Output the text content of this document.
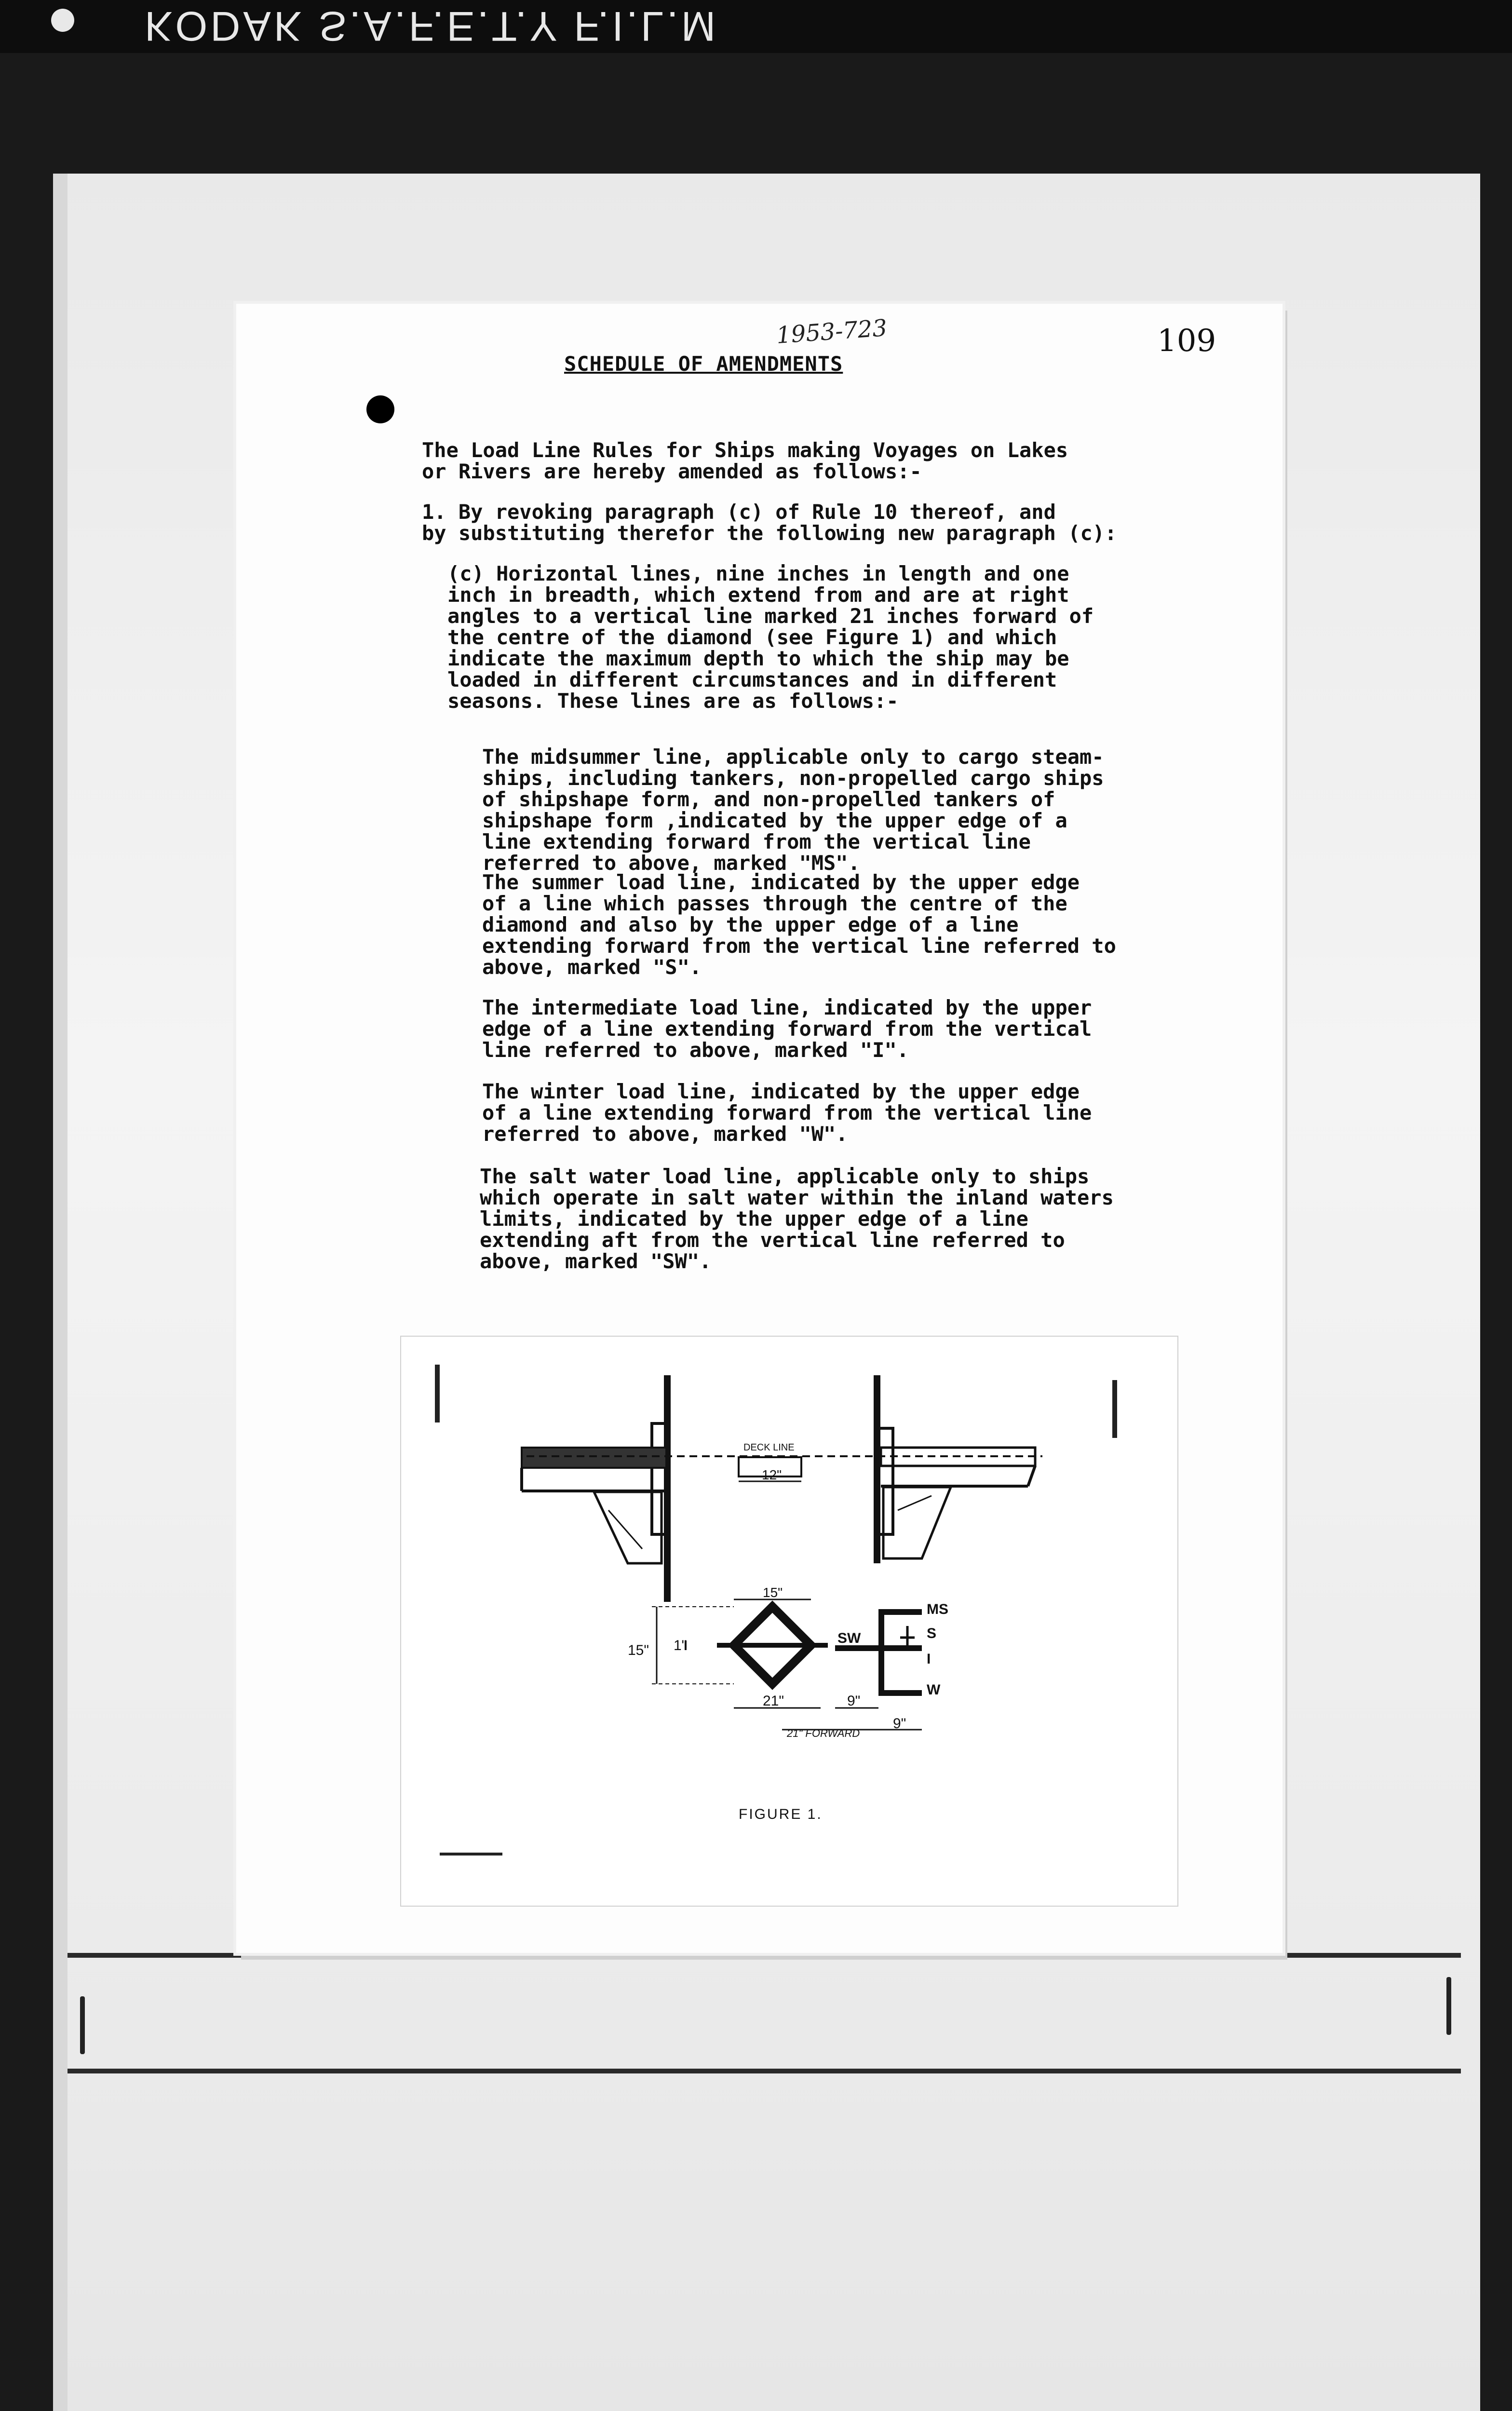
KODAK S.A.F.E.T.Y F.I.L.M
1953-723	109
SCHEDULE OF AMENDMENTS

The Load Line Rules for Ships making Voyages on Lakes
or Rivers are hereby amended as follows:-

1. By revoking paragraph (c) of Rule 10 thereof, and
by substituting therefor the following new paragraph (c):

(c) Horizontal lines, nine inches in length and one
inch in breadth, which extend from and are at right
angles to a vertical line marked 21 inches forward of
the centre of the diamond (see Figure 1) and which
indicate the maximum depth to which the ship may be
loaded in different circumstances and in different
seasons. These lines are as follows:-

The midsummer line, applicable only to cargo steam-
ships, including tankers, non-propelled cargo ships
of shipshape form, and non-propelled tankers of
shipshape form ,indicated by the upper edge of a
line extending forward from the vertical line
referred to above, marked "MS".

The summer load line, indicated by the upper edge
of a line which passes through the centre of the
diamond and also by the upper edge of a line
extending forward from the vertical line referred to
above, marked "S".

The intermediate load line, indicated by the upper
edge of a line extending forward from the vertical
line referred to above, marked "I".

The winter load line, indicated by the upper edge
of a line extending forward from the vertical line
referred to above, marked "W".

The salt water load line, applicable only to ships
which operate in salt water within the inland waters
limits, indicated by the upper edge of a line
extending aft from the vertical line referred to
above, marked "SW".

DECK LINE
12"
15"
15" 1"
21"
SW
MS
S
I
W
9"
21" FORWARD
9"
FIGURE 1.
